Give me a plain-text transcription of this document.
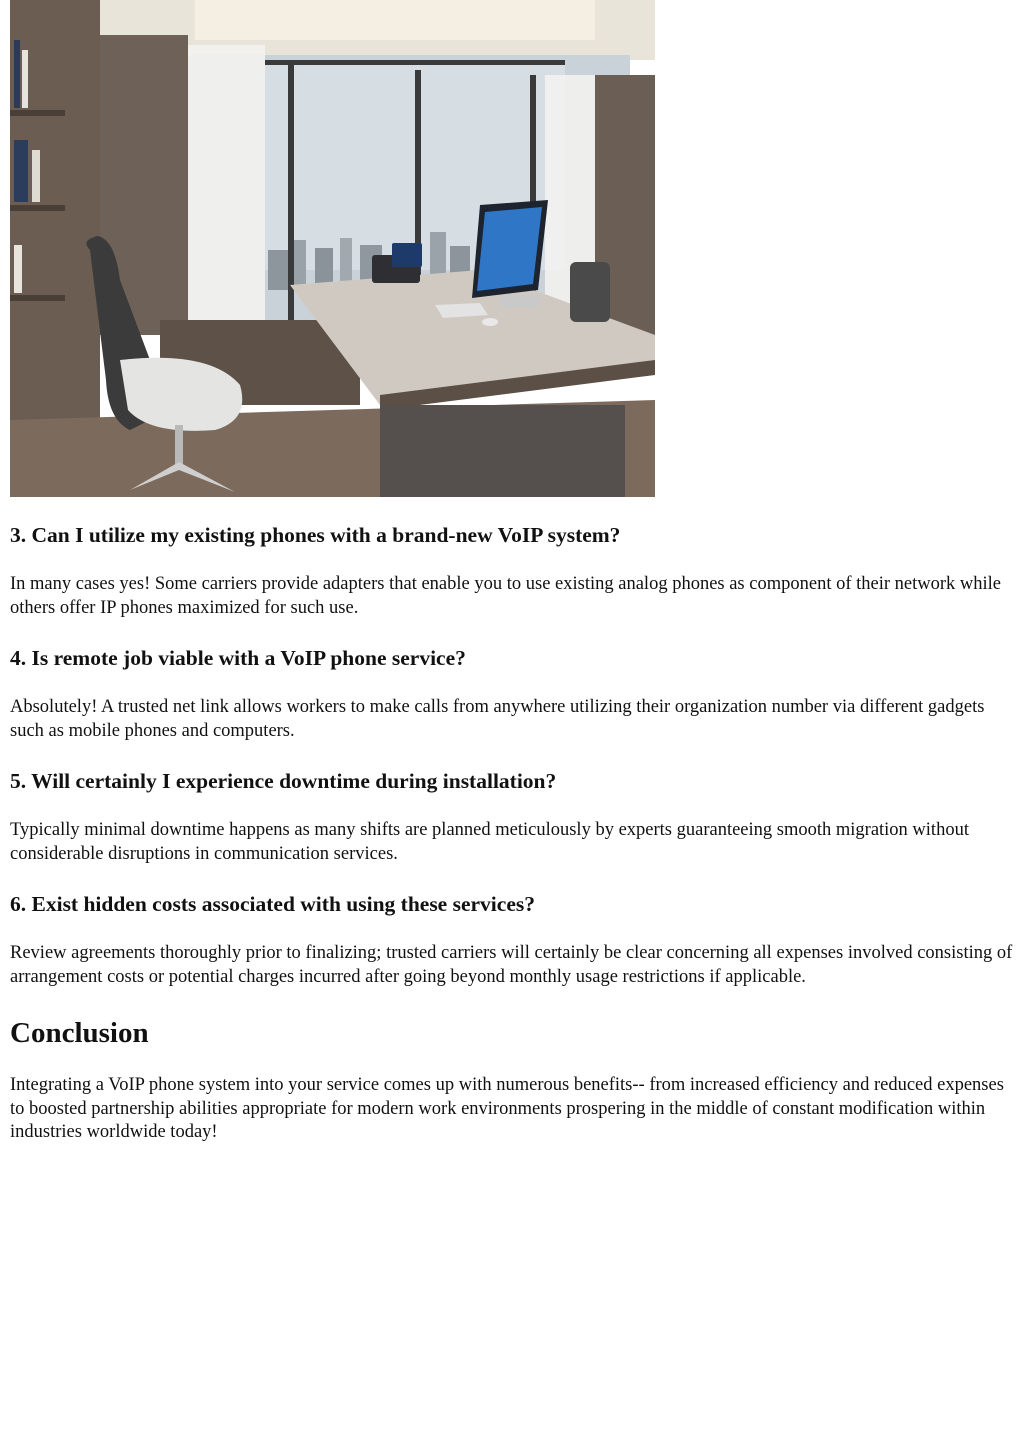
3. Can I utilize my existing phones with a brand-new VoIP system?

In many cases yes! Some carriers provide adapters that enable you to use existing analog phones as component of their network while others offer IP phones maximized for such use.

4. Is remote job viable with a VoIP phone service?

Absolutely! A trusted net link allows workers to make calls from anywhere utilizing their organization number via different gadgets such as mobile phones and computers.

5. Will certainly I experience downtime during installation?

Typically minimal downtime happens as many shifts are planned meticulously by experts guaranteeing smooth migration without considerable disruptions in communication services.

6. Exist hidden costs associated with using these services?

Review agreements thoroughly prior to finalizing; trusted carriers will certainly be clear concerning all expenses involved consisting of arrangement costs or potential charges incurred after going beyond monthly usage restrictions if applicable.

Conclusion

Integrating a VoIP phone system into your service comes up with numerous benefits-- from increased efficiency and reduced expenses to boosted partnership abilities appropriate for modern work environments prospering in the middle of constant modification within industries worldwide today!
